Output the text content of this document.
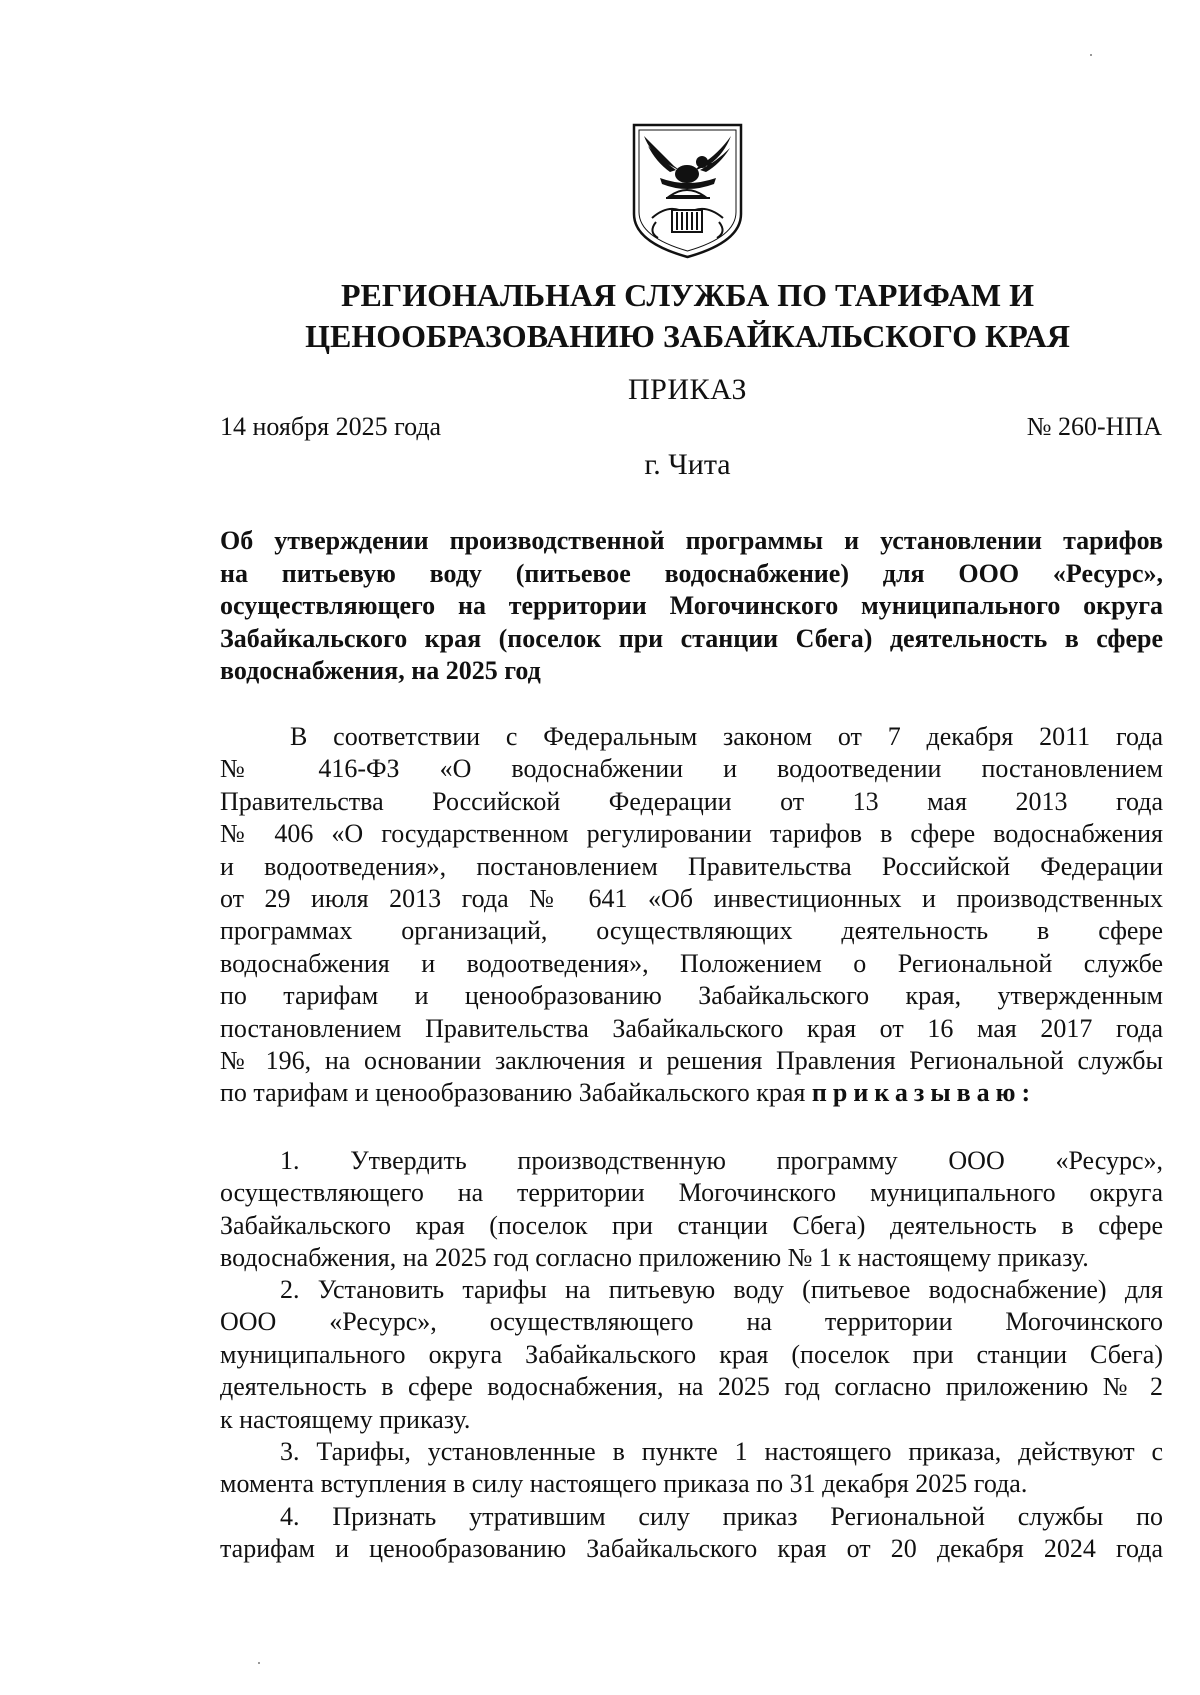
РЕГИОНАЛЬНАЯ СЛУЖБА ПО ТАРИФАМ И
ЦЕНООБРАЗОВАНИЮ ЗАБАЙКАЛЬСКОГО КРАЯ
ПРИКАЗ
14 ноября 2025 года	№ 260-НПА
г. Чита
Об утверждении производственной программы и установлении тарифов
на питьевую воду (питьевое водоснабжение) для ООО «Ресурс»,
осуществляющего на территории Могочинского муниципального округа
Забайкальского края (поселок при станции Сбега) деятельность в сфере
водоснабжения, на 2025 год
В соответствии с Федеральным законом от 7 декабря 2011 года
№ 416-ФЗ «О водоснабжении и водоотведении постановлением
Правительства Российской Федерации от 13 мая 2013 года
№ 406 «О государственном регулировании тарифов в сфере водоснабжения
и водоотведения», постановлением Правительства Российской Федерации
от 29 июля 2013 года № 641 «Об инвестиционных и производственных
программах организаций, осуществляющих деятельность в сфере
водоснабжения и водоотведения», Положением о Региональной службе
по тарифам и ценообразованию Забайкальского края, утвержденным
постановлением Правительства Забайкальского края от 16 мая 2017 года
№ 196, на основании заключения и решения Правления Региональной службы
по тарифам и ценообразованию Забайкальского края приказываю:
1. Утвердить производственную программу ООО «Ресурс»,
осуществляющего на территории Могочинского муниципального округа
Забайкальского края (поселок при станции Сбега) деятельность в сфере
водоснабжения, на 2025 год согласно приложению № 1 к настоящему приказу.
2. Установить тарифы на питьевую воду (питьевое водоснабжение) для
ООО «Ресурс», осуществляющего на территории Могочинского
муниципального округа Забайкальского края (поселок при станции Сбега)
деятельность в сфере водоснабжения, на 2025 год согласно приложению № 2
к настоящему приказу.
3. Тарифы, установленные в пункте 1 настоящего приказа, действуют с
момента вступления в силу настоящего приказа по 31 декабря 2025 года.
4. Признать утратившим силу приказ Региональной службы по
тарифам и ценообразованию Забайкальского края от 20 декабря 2024 года
